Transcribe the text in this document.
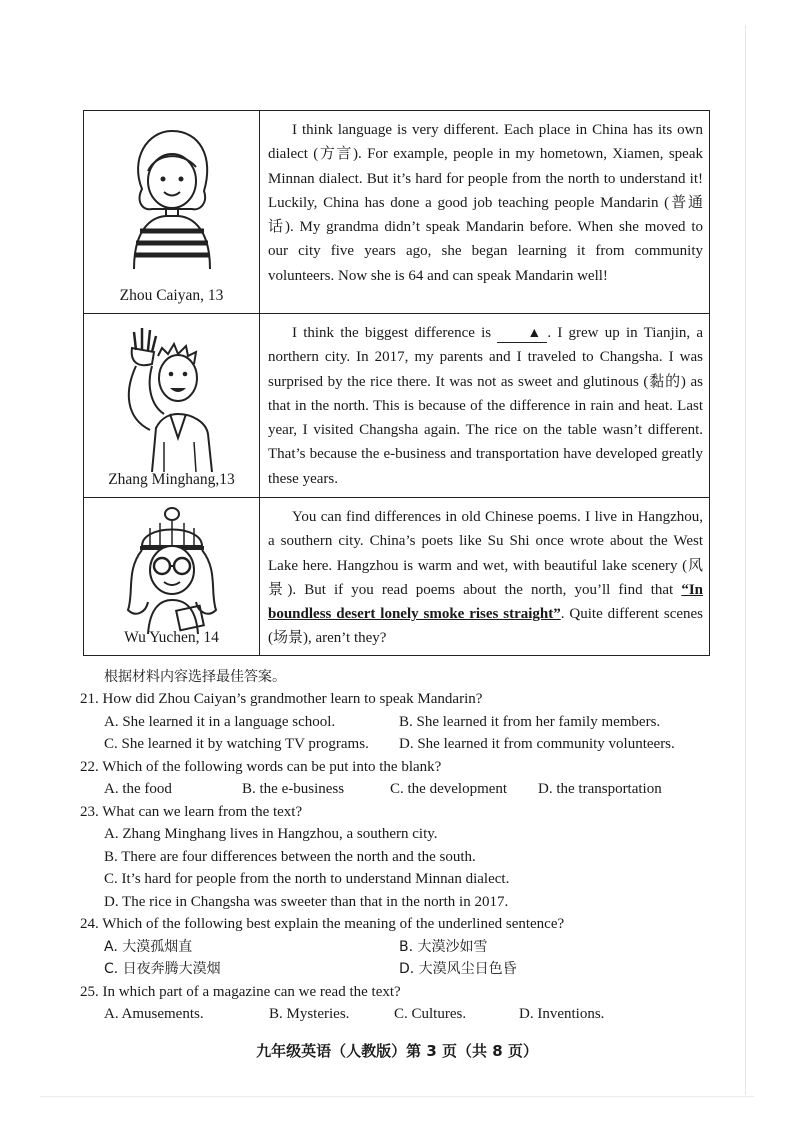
Zhou Caiyan, 13

I think language is very different. Each place in China has its own dialect (方言). For example, people in my hometown, Xiamen, speak Minnan dialect. But it’s hard for people from the north to understand it! Luckily, China has done a good job teaching people Mandarin (普通话). My grandma didn’t speak Mandarin before. When she moved to our city five years ago, she began learning it from community volunteers. Now she is 64 and can speak Mandarin well!

Zhang Minghang,13

I think the biggest difference is	▲ . I grew up in Tianjin, a northern city. In 2017, my parents and I traveled to Changsha. I was surprised by the rice there. It was not as sweet and glutinous (黏的) as that in the north. This is because of the difference in rain and heat. Last year, I visited Changsha again. The rice on the table wasn’t different. That’s because the e-business and transportation have developed greatly these years.

Wu Yuchen, 14

You can find differences in old Chinese poems. I live in Hangzhou, a southern city. China’s poets like Su Shi once wrote about the West Lake here. Hangzhou is warm and wet, with beautiful lake scenery (风景). But if you read poems about the north, you’ll find that “In boundless desert lonely smoke rises straight”. Quite different scenes (场景), aren’t they?

根据材料内容选择最佳答案。
21. How did Zhou Caiyan’s grandmother learn to speak Mandarin?
A. She learned it in a language school.	B. She learned it from her family members.
C. She learned it by watching TV programs.	D. She learned it from community volunteers.
22. Which of the following words can be put into the blank?
A. the food	B. the e-business	C. the development	D. the transportation
23. What can we learn from the text?
A. Zhang Minghang lives in Hangzhou, a southern city.
B. There are four differences between the north and the south.
C. It’s hard for people from the north to understand Minnan dialect.
D. The rice in Changsha was sweeter than that in the north in 2017.
24. Which of the following best explain the meaning of the underlined sentence?
A. 大漠孤烟直	B. 大漠沙如雪
C. 日夜奔腾大漠烟	D. 大漠风尘日色昏
25. In which part of a magazine can we read the text?
A. Amusements.	B. Mysteries.	C. Cultures.	D. Inventions.
九年级英语（人教版）第 3 页（共 8 页）
